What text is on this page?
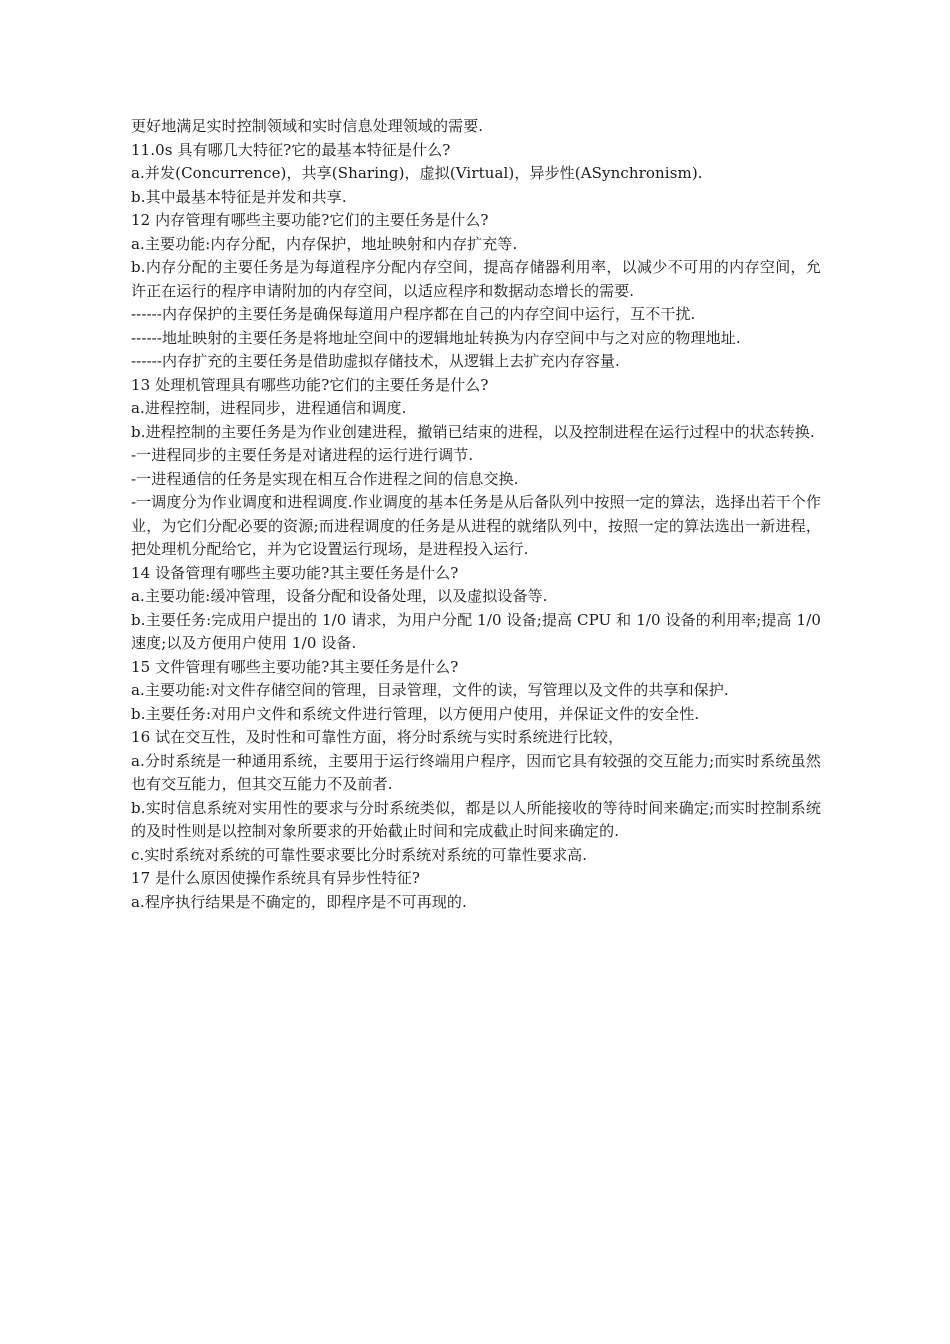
更好地满足实时控制领域和实时信息处理领域的需要.

11.0s 具有哪几大特征?它的最基本特征是什么?

a.并发(Concurrence)，共享(Sharing)，虚拟(Virtual)，异步性(ASynchronism).

b.其中最基本特征是并发和共享.

12 内存管理有哪些主要功能?它们的主要任务是什么?

a.主要功能:内存分配，内存保护，地址映射和内存扩充等.

b.内存分配的主要任务是为每道程序分配内存空间，提高存储器利用率，以减少不可用的内存空间，允许正在运行的程序申请附加的内存空间，以适应程序和数据动态增长的需要.

------内存保护的主要任务是确保每道用户程序都在自己的内存空间中运行，互不干扰.

------地址映射的主要任务是将地址空间中的逻辑地址转换为内存空间中与之对应的物理地址.

------内存扩充的主要任务是借助虚拟存储技术，从逻辑上去扩充内存容量.

13 处理机管理具有哪些功能?它们的主要任务是什么?

a.进程控制，进程同步，进程通信和调度.

b.进程控制的主要任务是为作业创建进程，撤销已结束的进程，以及控制进程在运行过程中的状态转换.

-一进程同步的主要任务是对诸进程的运行进行调节.

-一进程通信的任务是实现在相互合作进程之间的信息交换.

-一调度分为作业调度和进程调度.作业调度的基本任务是从后备队列中按照一定的算法，选择出若干个作业，为它们分配必要的资源;而进程调度的任务是从进程的就绪队列中，按照一定的算法选出一新进程，把处理机分配给它，并为它设置运行现场，是进程投入运行.

14 设备管理有哪些主要功能?其主要任务是什么?

a.主要功能:缓冲管理，设备分配和设备处理，以及虚拟设备等.

b.主要任务:完成用户提出的 1/0 请求，为用户分配 1/0 设备;提高 CPU 和 1/0 设备的利用率;提高 1/0 速度;以及方便用户使用 1/0 设备.

15 文件管理有哪些主要功能?其主要任务是什么?

a.主要功能:对文件存储空间的管理，目录管理，文件的读，写管理以及文件的共享和保护.

b.主要任务:对用户文件和系统文件进行管理，以方便用户使用，并保证文件的安全性.

16 试在交互性，及时性和可靠性方面，将分时系统与实时系统进行比较，

a.分时系统是一种通用系统，主要用于运行终端用户程序，因而它具有较强的交互能力;而实时系统虽然也有交互能力，但其交互能力不及前者.

b.实时信息系统对实用性的要求与分时系统类似，都是以人所能接收的等待时间来确定;而实时控制系统的及时性则是以控制对象所要求的开始截止时间和完成截止时间来确定的.

c.实时系统对系统的可靠性要求要比分时系统对系统的可靠性要求高.

17 是什么原因使操作系统具有异步性特征?

a.程序执行结果是不确定的，即程序是不可再现的.
